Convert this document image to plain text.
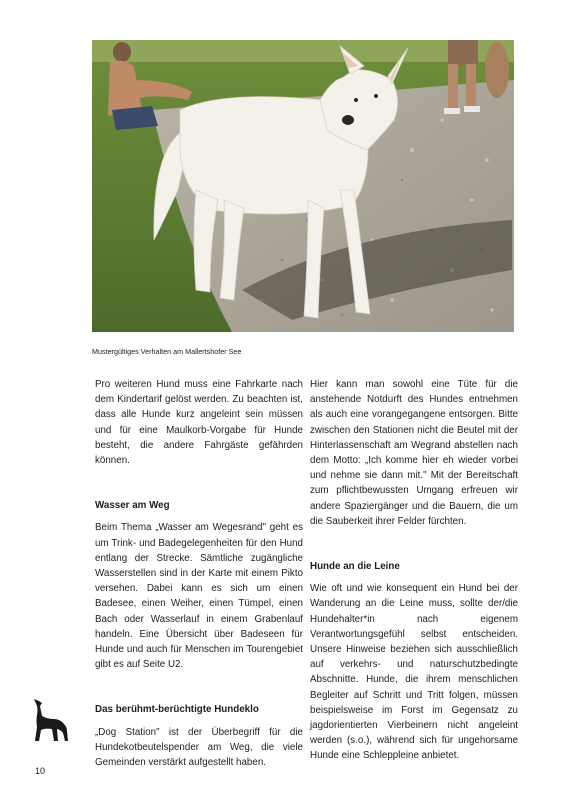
Mustergültiges Verhalten am Mallertshofer See

Pro weiteren Hund muss eine Fahrkarte nach dem Kindertarif gelöst werden. Zu beachten ist, dass alle Hunde kurz angeleint sein müssen und für eine Maulkorb-Vorgabe für Hunde besteht, die andere Fahrgäste gefährden können.

Wasser am Weg

Beim Thema „Wasser am Wegesrand" geht es um Trink- und Badegelegenheiten für den Hund entlang der Strecke. Sämtliche zugängliche Wasserstellen sind in der Karte mit einem Pikto versehen. Dabei kann es sich um einen Badesee, einen Weiher, einen Tümpel, einen Bach oder Wasserlauf in einem Grabenlauf handeln. Eine Übersicht über Badeseen für Hunde und auch für Menschen im Tourengebiet gibt es auf Seite U2.

Das berühmt-berüchtigte Hundeklo

„Dog Station" ist der Überbegriff für die Hundekotbeutelspender am Weg, die viele Gemeinden verstärkt aufgestellt haben.

Hier kann man sowohl eine Tüte für die anstehende Notdurft des Hundes entnehmen als auch eine vorangegangene entsorgen. Bitte zwischen den Stationen nicht die Beutel mit der Hinterlassenschaft am Wegrand abstellen nach dem Motto: „Ich komme hier eh wieder vorbei und nehme sie dann mit." Mit der Bereitschaft zum pflichtbewussten Umgang erfreuen wir andere Spaziergänger und die Bauern, die um die Sauberkeit ihrer Felder fürchten.

Hunde an die Leine

Wie oft und wie konsequent ein Hund bei der Wanderung an die Leine muss, sollte der/die Hundehalter*in nach eigenem Verantwortungsgefühl selbst entscheiden. Unsere Hinweise beziehen sich ausschließlich auf verkehrs- und naturschutzbedingte Abschnitte. Hunde, die ihrem menschlichen Begleiter auf Schritt und Tritt folgen, müssen beispielsweise im Forst im Gegensatz zu jagdorientierten Vierbeinern nicht angeleint werden (s.o.), während sich für ungehorsame Hunde eine Schleppleine anbietet.

10
